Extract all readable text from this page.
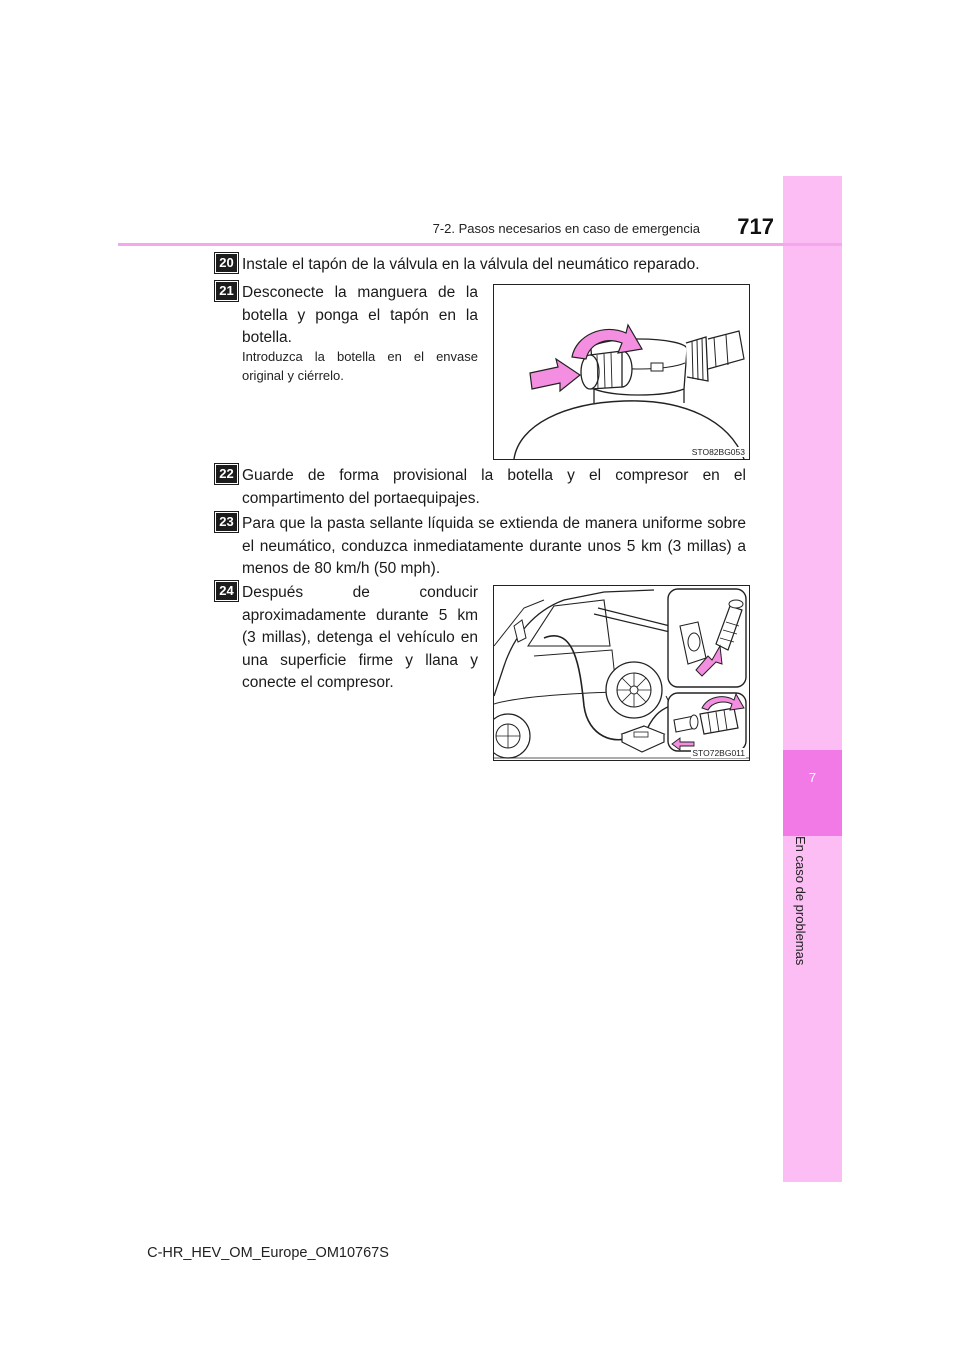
7
En caso de problemas
7-2. Pasos necesarios en caso de emergencia	717
20 Instale el tapón de la válvula en la válvula del neumático reparado.

21 Desconecte la manguera de la botella y ponga el tapón en la botella.

Introduzca la botella en el envase original y ciérrelo.

STO82BG053
22 Guarde de forma provisional la botella y el compresor en el compartimento del portaequipajes.

23 Para que la pasta sellante líquida se extienda de manera uniforme sobre el neumático, conduzca inmediatamente durante unos 5 km (3 millas) a menos de 80 km/h (50 mph).

24 Después de conducir aproximadamente durante 5 km (3 millas), detenga el vehículo en una superficie firme y llana y conecte el compresor.

STO72BG011
C-HR_HEV_OM_Europe_OM10767S
